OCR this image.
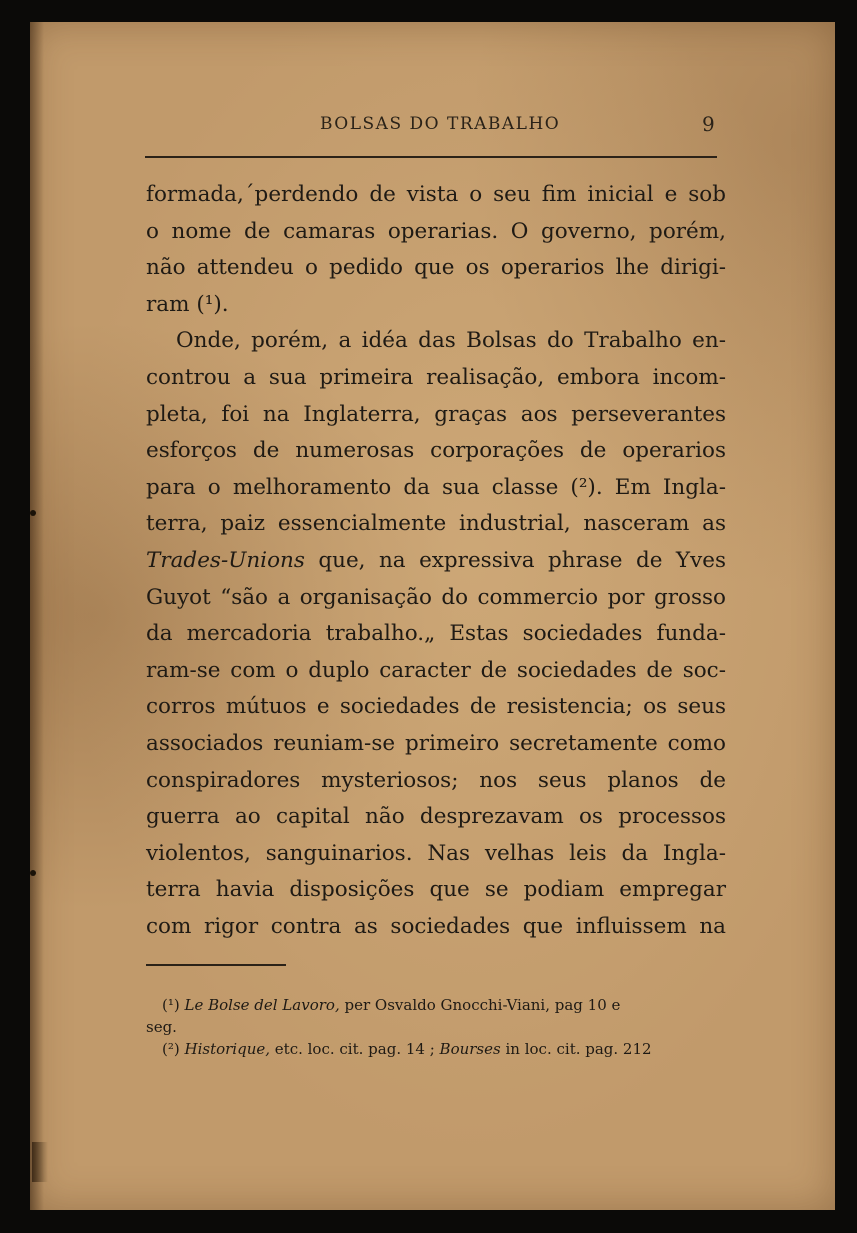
BOLSAS DO TRABALHO	9
formada,´perdendo de vista o seu fim inicial e sob
o nome de camaras operarias. O governo, porém,
não attendeu o pedido que os operarios lhe dirigi-
ram (¹).
Onde, porém, a idéa das Bolsas do Trabalho en-
controu a sua primeira realisação, embora incom-
pleta, foi na Inglaterra, graças aos perseverantes
esforços de numerosas corporações de operarios
para o melhoramento da sua classe (²). Em Ingla-
terra, paiz essencialmente industrial, nasceram as
Trades-Unions que, na expressiva phrase de Yves
Guyot “são a organisação do commercio por grosso
da mercadoria trabalho.„ Estas sociedades funda-
ram-se com o duplo caracter de sociedades de soc-
corros mútuos e sociedades de resistencia; os seus
associados reuniam-se primeiro secretamente como
conspiradores mysteriosos; nos seus planos de
guerra ao capital não desprezavam os processos
violentos, sanguinarios. Nas velhas leis da Ingla-
terra havia disposições que se podiam empregar
com rigor contra as sociedades que influissem na
(¹) Le Bolse del Lavoro, per Osvaldo Gnocchi-Viani, pag 10 e
seg.
(²) Historique, etc. loc. cit. pag. 14 ; Bourses in loc. cit. pag. 212
